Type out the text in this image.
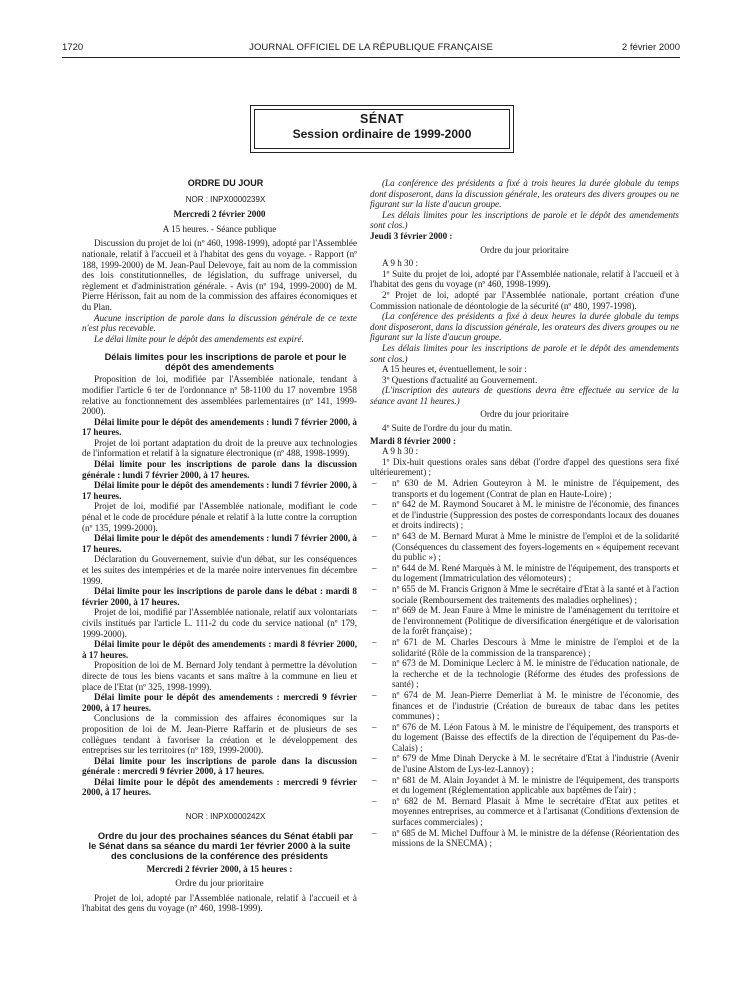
1720	JOURNAL OFFICIEL DE LA RÉPUBLIQUE FRANÇAISE	2 février 2000
SÉNAT
Session ordinaire de 1999-2000

ORDRE DU JOUR

NOR : INPX0000239X

Mercredi 2 février 2000

A 15 heures. - Séance publique

Discussion du projet de loi (nº 460, 1998-1999), adopté par l'Assemblée nationale, relatif à l'accueil et à l'habitat des gens du voyage. - Rapport (nº 188, 1999-2000) de M. Jean-Paul Delevoye, fait au nom de la commission des lois constitutionnelles, de législation, du suffrage universel, du règlement et d'administration générale. - Avis (nº 194, 1999-2000) de M. Pierre Hérisson, fait au nom de la commission des affaires économiques et du Plan.

Aucune inscription de parole dans la discussion générale de ce texte n'est plus recevable.

Le délai limite pour le dépôt des amendements est expiré.

Délais limites pour les inscriptions de parole et pour le dépôt des amendements

Proposition de loi, modifiée par l'Assemblée nationale, tendant à modifier l'article 6 ter de l'ordonnance nº 58-1100 du 17 novembre 1958 relative au fonctionnement des assemblées parlementaires (nº 141, 1999-2000).

Délai limite pour le dépôt des amendements : lundi 7 février 2000, à 17 heures.

Projet de loi portant adaptation du droit de la preuve aux technologies de l'information et relatif à la signature électronique (nº 488, 1998-1999).

Délai limite pour les inscriptions de parole dans la discussion générale : lundi 7 février 2000, à 17 heures.

Délai limite pour le dépôt des amendements : lundi 7 février 2000, à 17 heures.

Projet de loi, modifié par l'Assemblée nationale, modifiant le code pénal et le code de procédure pénale et relatif à la lutte contre la corruption (nº 135, 1999-2000).

Délai limite pour le dépôt des amendements : lundi 7 février 2000, à 17 heures.

Déclaration du Gouvernement, suivie d'un débat, sur les conséquences et les suites des intempéries et de la marée noire intervenues fin décembre 1999.

Délai limite pour les inscriptions de parole dans le débat : mardi 8 février 2000, à 17 heures.

Projet de loi, modifié par l'Assemblée nationale, relatif aux volontariats civils institués par l'article L. 111-2 du code du service national (nº 179, 1999-2000).

Délai limite pour le dépôt des amendements : mardi 8 février 2000, à 17 heures.

Proposition de loi de M. Bernard Joly tendant à permettre la dévolution directe de tous les biens vacants et sans maître à la commune en lieu et place de l'Etat (nº 325, 1998-1999).

Délai limite pour le dépôt des amendements : mercredi 9 février 2000, à 17 heures.

Conclusions de la commission des affaires économiques sur la proposition de loi de M. Jean-Pierre Raffarin et de plusieurs de ses collègues tendant à favoriser la création et le développement des entreprises sur les territoires (nº 189, 1999-2000).

Délai limite pour les inscriptions de parole dans la discussion générale : mercredi 9 février 2000, à 17 heures.

Délai limite pour le dépôt des amendements : mercredi 9 février 2000, à 17 heures.

NOR : INPX0000242X

Ordre du jour des prochaines séances du Sénat établi par le Sénat dans sa séance du mardi 1er février 2000 à la suite des conclusions de la conférence des présidents

Mercredi 2 février 2000, à 15 heures :

Ordre du jour prioritaire

Projet de loi, adopté par l'Assemblée nationale, relatif à l'accueil et à l'habitat des gens du voyage (nº 460, 1998-1999).

(La conférence des présidents a fixé à trois heures la durée globale du temps dont disposeront, dans la discussion générale, les orateurs des divers groupes ou ne figurant sur la liste d'aucun groupe.

Les délais limites pour les inscriptions de parole et le dépôt des amendements sont clos.)

Jeudi 3 février 2000 :

Ordre du jour prioritaire

A 9 h 30 :

1º Suite du projet de loi, adopté par l'Assemblée nationale, relatif à l'accueil et à l'habitat des gens du voyage (nº 460, 1998-1999).

2º Projet de loi, adopté par l'Assemblée nationale, portant création d'une Commission nationale de déontologie de la sécurité (nº 480, 1997-1998).

(La conférence des présidents a fixé à deux heures la durée globale du temps dont disposeront, dans la discussion générale, les orateurs des divers groupes ou ne figurant sur la liste d'aucun groupe.

Les délais limites pour les inscriptions de parole et le dépôt des amendements sont clos.)

A 15 heures et, éventuellement, le soir :

3º Questions d'actualité au Gouvernement.

(L'inscription des auteurs de questions devra être effectuée au service de la séance avant 11 heures.)

Ordre du jour prioritaire

4º Suite de l'ordre du jour du matin.

Mardi 8 février 2000 :

A 9 h 30 :

1º Dix-huit questions orales sans débat (l'ordre d'appel des questions sera fixé ultérieurement) ;

– nº 630 de M. Adrien Gouteyron à M. le ministre de l'équipement, des transports et du logement (Contrat de plan en Haute-Loire) ;

– nº 642 de M. Raymond Soucaret à M. le ministre de l'économie, des finances et de l'industrie (Suppression des postes de correspondants locaux des douanes et droits indirects) ;

– nº 643 de M. Bernard Murat à Mme le ministre de l'emploi et de la solidarité (Conséquences du classement des foyers-logements en « équipement recevant du public ») ;

– nº 644 de M. René Marquès à M. le ministre de l'équipement, des transports et du logement (Immatriculation des vélomoteurs) ;

– nº 655 de M. Francis Grignon à Mme le secrétaire d'Etat à la santé et à l'action sociale (Remboursement des traitements des maladies orphelines) ;

– nº 669 de M. Jean Faure à Mme le ministre de l'aménagement du territoire et de l'environnement (Politique de diversification énergétique et de valorisation de la forêt française) ;

– nº 671 de M. Charles Descours à Mme le ministre de l'emploi et de la solidarité (Rôle de la commission de la transparence) ;

– nº 673 de M. Dominique Leclerc à M. le ministre de l'éducation nationale, de la recherche et de la technologie (Réforme des études des professions de santé) ;

– nº 674 de M. Jean-Pierre Demerliat à M. le ministre de l'économie, des finances et de l'industrie (Création de bureaux de tabac dans les petites communes) ;

– nº 676 de M. Léon Fatous à M. le ministre de l'équipement, des transports et du logement (Baisse des effectifs de la direction de l'équipement du Pas-de-Calais) ;

– nº 679 de Mme Dinah Derycke à M. le secrétaire d'Etat à l'industrie (Avenir de l'usine Alstom de Lys-lez-Lannoy) ;

– nº 681 de M. Alain Joyandet à M. le ministre de l'équipement, des transports et du logement (Réglementation applicable aux baptêmes de l'air) ;

– nº 682 de M. Bernard Plasait à Mme le secrétaire d'Etat aux petites et moyennes entreprises, au commerce et à l'artisanat (Conditions d'extension de surfaces commerciales) ;

– nº 685 de M. Michel Duffour à M. le ministre de la défense (Réorientation des missions de la SNECMA) ;
